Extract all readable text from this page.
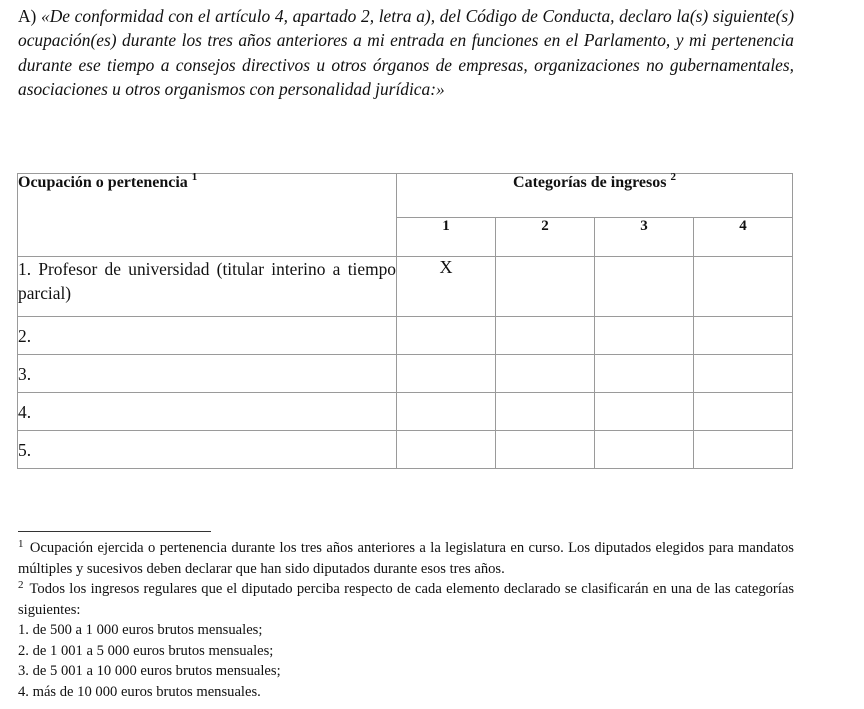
A) «De conformidad con el artículo 4, apartado 2, letra a), del Código de Conducta, declaro la(s) siguiente(s) ocupación(es) durante los tres años anteriores a mi entrada en funciones en el Parlamento, y mi pertenencia durante ese tiempo a consejos directivos u otros órganos de empresas, organizaciones no gubernamentales, asociaciones u otros organismos con personalidad jurídica:»
Ocupación o pertenencia $^1$	Categorías de ingresos $^2$
	1	2	3	4
1. Profesor de universidad (titular interino a tiempo parcial)	X			
2.				
3.				
4.				
5.				

$^1$ Ocupación ejercida o pertenencia durante los tres años anteriores a la legislatura en curso. Los diputados elegidos para mandatos múltiples y sucesivos deben declarar que han sido diputados durante esos tres años.

$^2$ Todos los ingresos regulares que el diputado perciba respecto de cada elemento declarado se clasificarán en una de las categorías siguientes:

1. de 500 a 1 000 euros brutos mensuales;

2. de 1 001 a 5 000 euros brutos mensuales;

3. de 5 001 a 10 000 euros brutos mensuales;

4. más de 10 000 euros brutos mensuales.
